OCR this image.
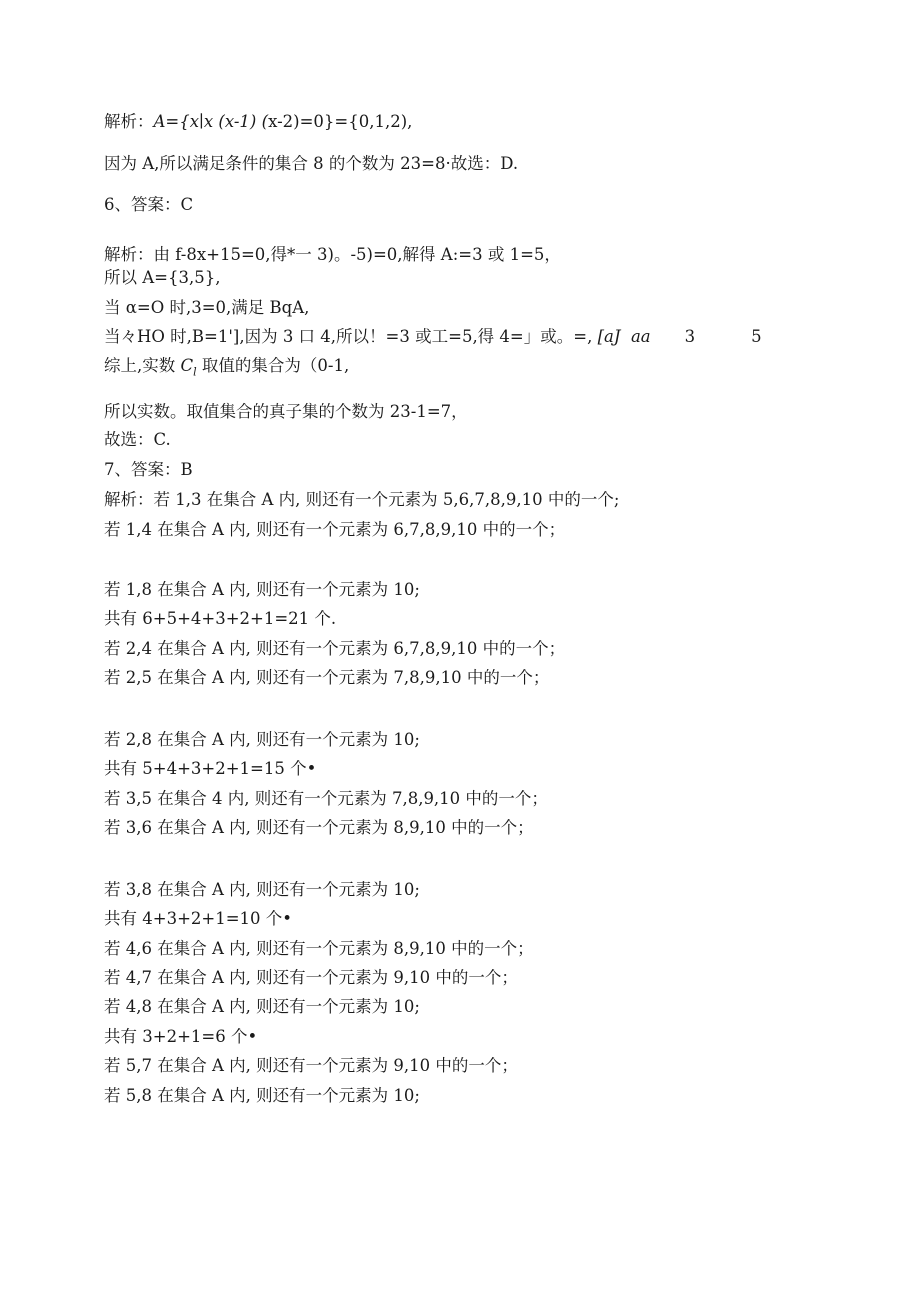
解析：A={x∣x (x-1) (x-2)=0}={0,1,2),
因为 A,所以满足条件的集合 8 的个数为 23=8·故选：D.
6、答案：C
解析：由 f-8x+15=0,得*一 3)。-5)=0,解得 A:=3 或 1=5，
所以 A={3,5},
当 α=O 时,3=0,满足 BqA,
当々HO 时,B=1'],因为 3 口 4,所以！=3 或工=5,得 4=」或。=, [aJ  aa 3	5
综上,实数 $C_l$ 取值的集合为（0-1,
所以实数。取值集合的真子集的个数为 23-1=7，
故选：C.
7、答案：B
解析：若 1,3 在集合 A 内, 则还有一个元素为 5,6,7,8,9,10 中的一个;
若 1,4 在集合 A 内, 则还有一个元素为 6,7,8,9,10 中的一个；
若 1,8 在集合 A 内, 则还有一个元素为 10;
共有 6+5+4+3+2+1=21 个.
若 2,4 在集合 A 内, 则还有一个元素为 6,7,8,9,10 中的一个；
若 2,5 在集合 A 内, 则还有一个元素为 7,8,9,10 中的一个；
若 2,8 在集合 A 内, 则还有一个元素为 10;
共有 5+4+3+2+1=15 个•
若 3,5 在集合 4 内, 则还有一个元素为 7,8,9,10 中的一个；
若 3,6 在集合 A 内, 则还有一个元素为 8,9,10 中的一个；
若 3,8 在集合 A 内, 则还有一个元素为 10;
共有 4+3+2+1=10 个•
若 4,6 在集合 A 内, 则还有一个元素为 8,9,10 中的一个；
若 4,7 在集合 A 内, 则还有一个元素为 9,10 中的一个；
若 4,8 在集合 A 内, 则还有一个元素为 10;
共有 3+2+1=6 个•
若 5,7 在集合 A 内, 则还有一个元素为 9,10 中的一个；
若 5,8 在集合 A 内, 则还有一个元素为 10;
